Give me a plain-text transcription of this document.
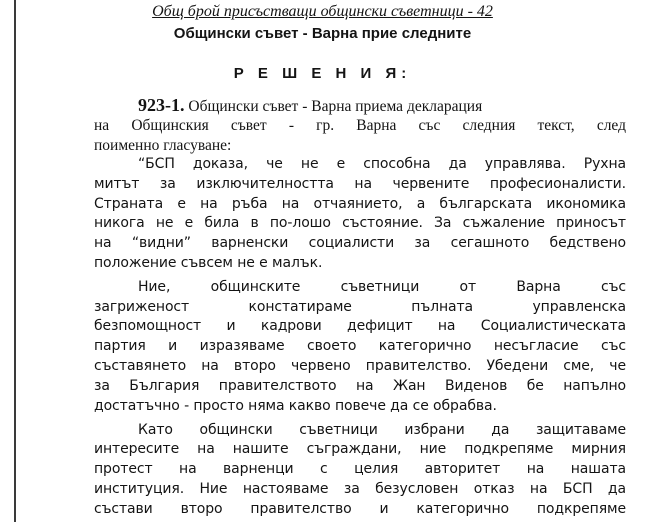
Общ брой присъстващи общински съветници - 42
Общински съвет - Варна прие следните
Р Е Ш Е Н И Я:
923-1. Общински съвет - Варна приема декларация
на Общинския съвет - гр. Варна със следния текст, след
поименно гласуване:
“БСП доказа, че не е способна да управлява. Рухна
митът за изключителността на червените професионалисти.
Страната е на ръба на отчаянието, а българската икономика
никога не е била в по-лошо състояние. За съжаление приносът
на “видни” варненски социалисти за сегашното бедствено
положение съвсем не е малък.
Ние, общинските съветници от Варна със
загриженост констатираме пълната управленска
безпомощност и кадрови дефицит на Социалистическата
партия и изразяваме своето категорично несъгласие със
съставянето на второ червено правителство. Убедени сме, че
за България правителството на Жан Виденов бе напълно
достатъчно - просто няма какво повече да се обрабва.
Като общински съветници избрани да защитаваме
интересите на нашите съграждани, ние подкрепяме мирния
протест на варненци с целия авторитет на нашата
институция. Ние настояваме за безусловен отказ на БСП да
състави второ правителство и категорично подкрепяме
